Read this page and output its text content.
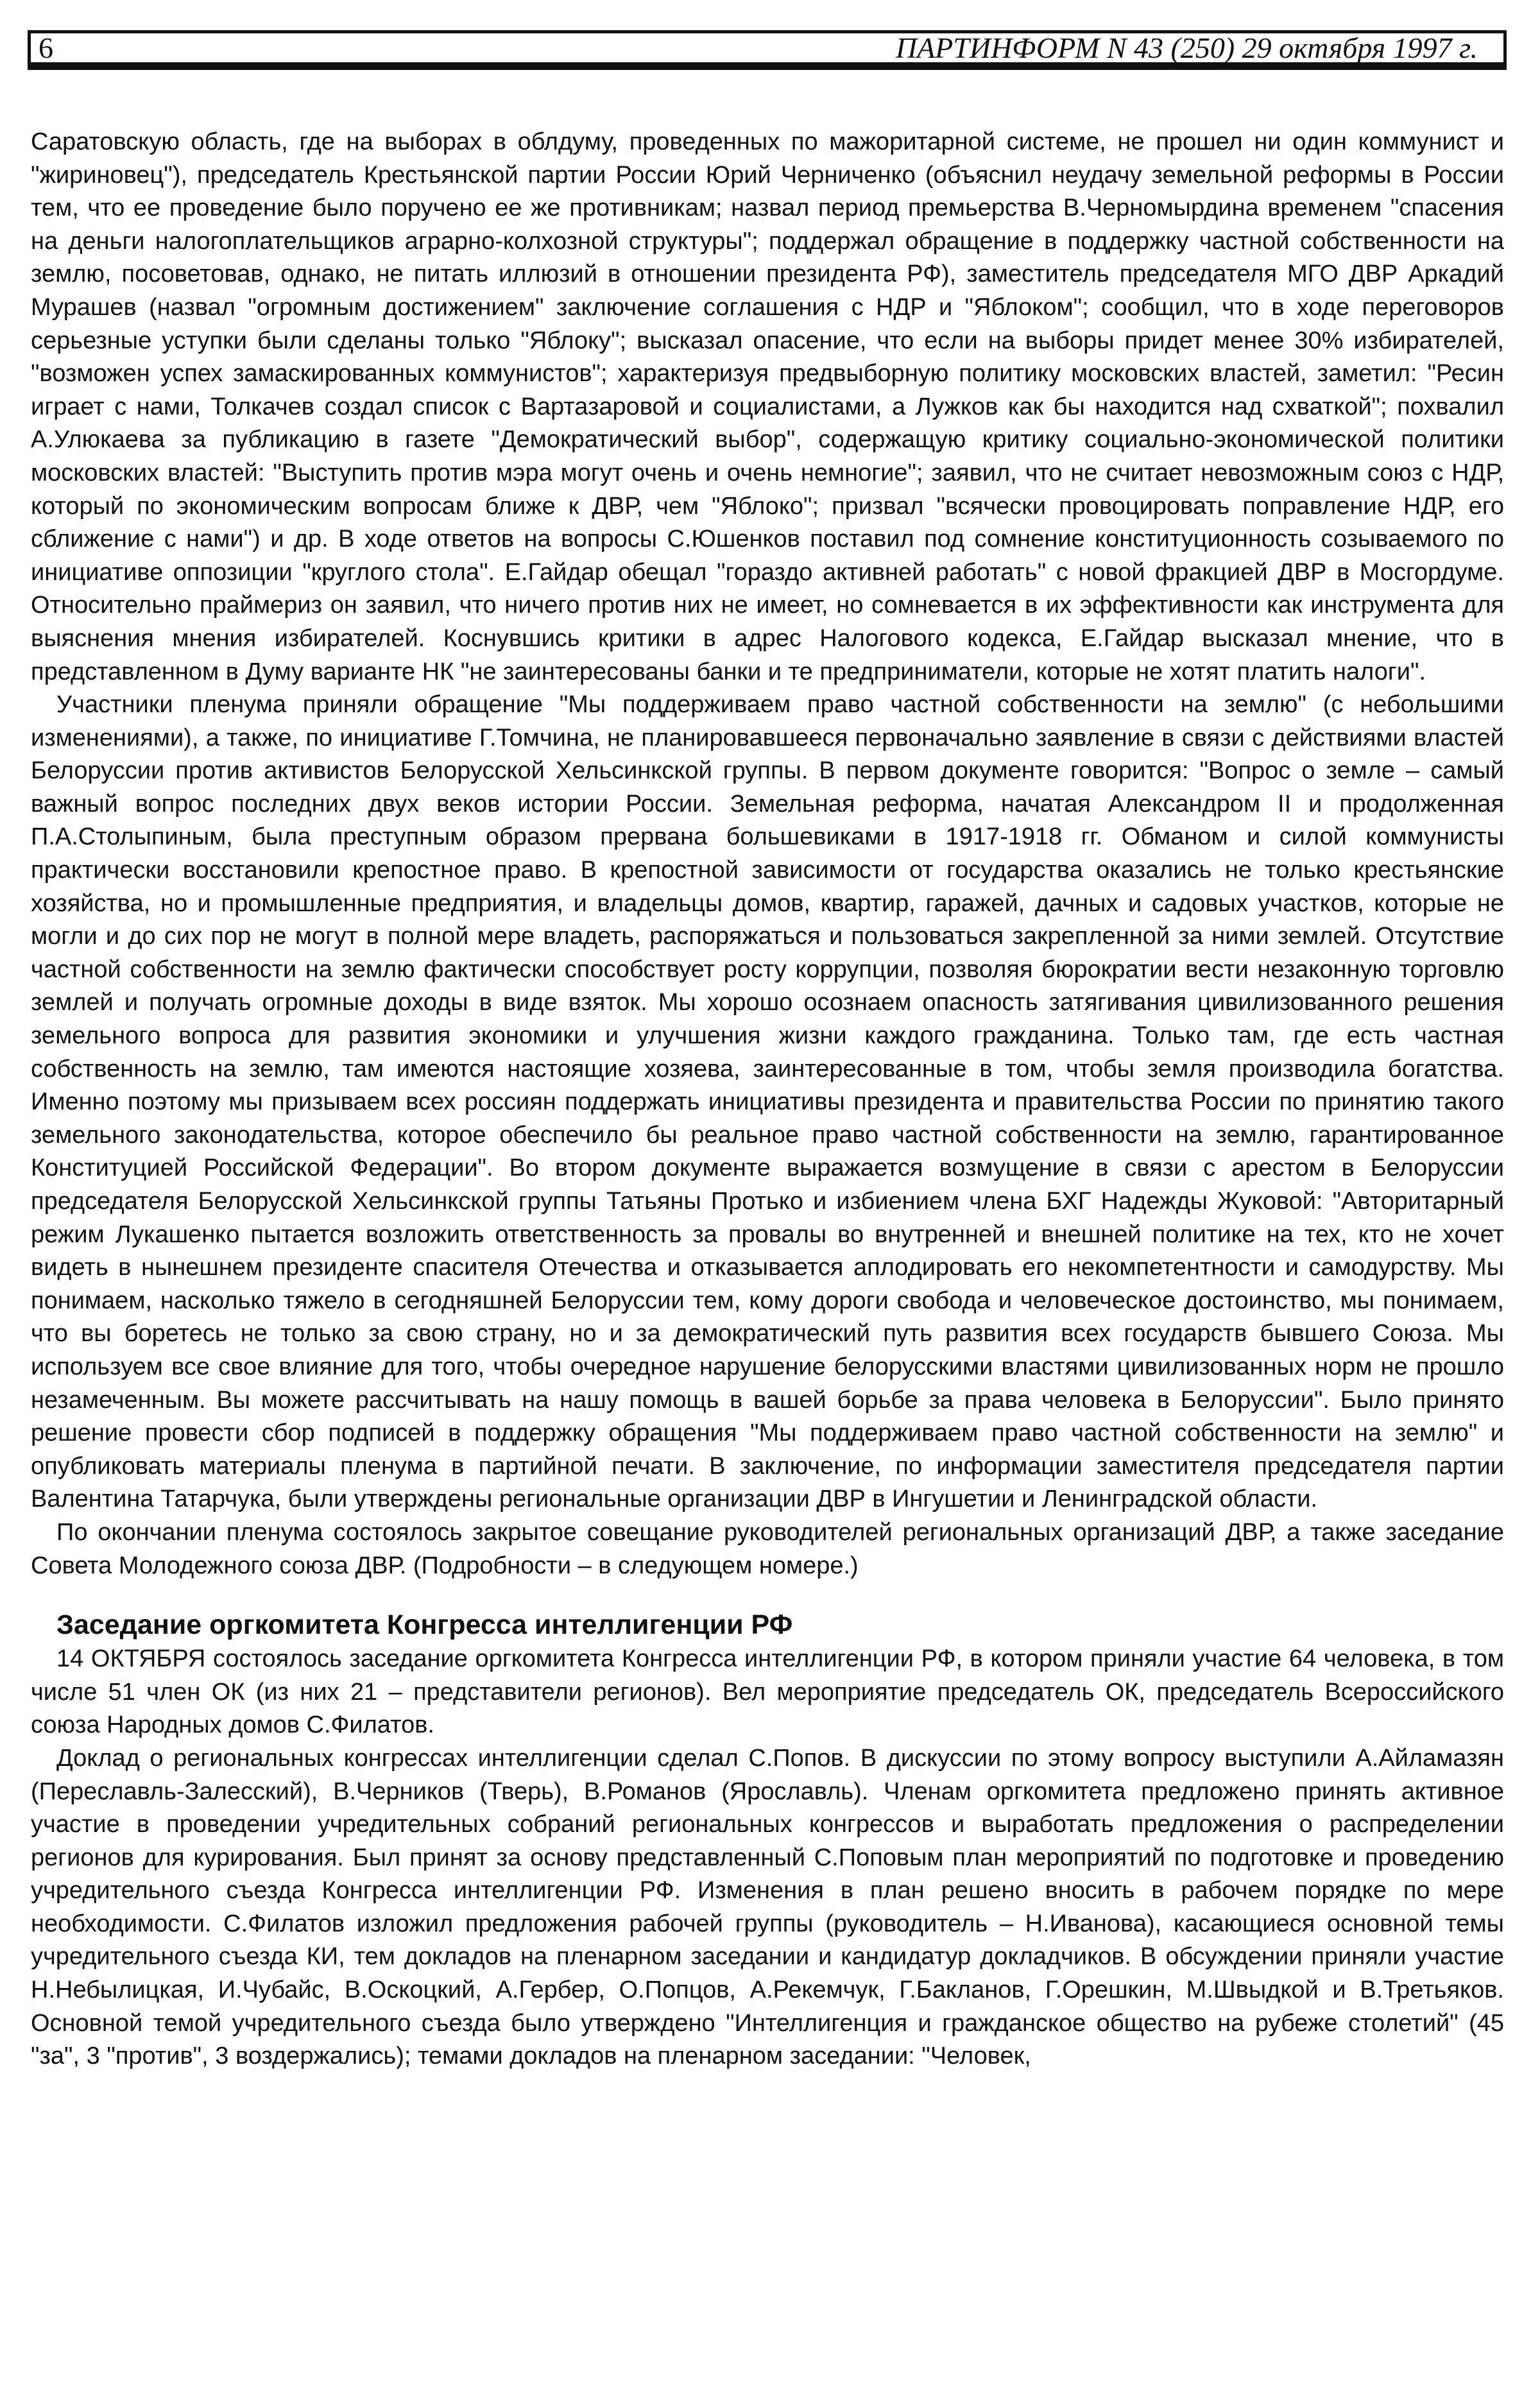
6	ПАРТИНФОРМ N 43 (250) 29 октября 1997 г.

Саратовскую область, где на выборах в облдуму, проведенных по мажоритарной системе, не прошел ни один коммунист и "жириновец"), председатель Крестьянской партии России Юрий Черниченко (объяснил неудачу земельной реформы в России тем, что ее проведение было поручено ее же противникам; назвал период премьерства В.Черномырдина временем "спасения на деньги налогоплательщиков аграрно-колхозной структуры"; поддержал обращение в поддержку частной собственности на землю, посоветовав, однако, не питать иллюзий в отношении президента РФ), заместитель председателя МГО ДВР Аркадий Мурашев (назвал "огромным достижением" заключение соглашения с НДР и "Яблоком"; сообщил, что в ходе переговоров серьезные уступки были сделаны только "Яблоку"; высказал опасение, что если на выборы придет менее 30% избирателей, "возможен успех замаскированных коммунистов"; характеризуя предвыборную политику московских властей, заметил: "Ресин играет с нами, Толкачев создал список с Вартазаровой и социалистами, а Лужков как бы находится над схваткой"; похвалил А.Улюкаева за публикацию в газете "Демократический выбор", содержащую критику социально-экономической политики московских властей: "Выступить против мэра могут очень и очень немногие"; заявил, что не считает невозможным союз с НДР, который по экономическим вопросам ближе к ДВР, чем "Яблоко"; призвал "всячески провоцировать поправление НДР, его сближение с нами") и др. В ходе ответов на вопросы С.Юшенков поставил под сомнение конституционность созываемого по инициативе оппозиции "круглого стола". Е.Гайдар обещал "гораздо активней работать" с новой фракцией ДВР в Мосгордуме. Относительно праймериз он заявил, что ничего против них не имеет, но сомневается в их эффективности как инструмента для выяснения мнения избирателей. Коснувшись критики в адрес Налогового кодекса, Е.Гайдар высказал мнение, что в представленном в Думу варианте НК "не заинтересованы банки и те предприниматели, которые не хотят платить налоги".

Участники пленума приняли обращение "Мы поддерживаем право частной собственности на землю" (с небольшими изменениями), а также, по инициативе Г.Томчина, не планировавшееся первоначально заявление в связи с действиями властей Белоруссии против активистов Белорусской Хельсинкской группы. В первом документе говорится: "Вопрос о земле – самый важный вопрос последних двух веков истории России. Земельная реформа, начатая Александром II и продолженная П.А.Столыпиным, была преступным образом прервана большевиками в 1917-1918 гг. Обманом и силой коммунисты практически восстановили крепостное право. В крепостной зависимости от государства оказались не только крестьянские хозяйства, но и промышленные предприятия, и владельцы домов, квартир, гаражей, дачных и садовых участков, которые не могли и до сих пор не могут в полной мере владеть, распоряжаться и пользоваться закрепленной за ними землей. Отсутствие частной собственности на землю фактически способствует росту коррупции, позволяя бюрократии вести незаконную торговлю землей и получать огромные доходы в виде взяток. Мы хорошо осознаем опасность затягивания цивилизованного решения земельного вопроса для развития экономики и улучшения жизни каждого гражданина. Только там, где есть частная собственность на землю, там имеются настоящие хозяева, заинтересованные в том, чтобы земля производила богатства. Именно поэтому мы призываем всех россиян поддержать инициативы президента и правительства России по принятию такого земельного законодательства, которое обеспечило бы реальное право частной собственности на землю, гарантированное Конституцией Российской Федерации". Во втором документе выражается возмущение в связи с арестом в Белоруссии председателя Белорусской Хельсинкской группы Татьяны Протько и избиением члена БХГ Надежды Жуковой: "Авторитарный режим Лукашенко пытается возложить ответственность за провалы во внутренней и внешней политике на тех, кто не хочет видеть в нынешнем президенте спасителя Отечества и отказывается аплодировать его некомпетентности и самодурству. Мы понимаем, насколько тяжело в сегодняшней Белоруссии тем, кому дороги свобода и человеческое достоинство, мы понимаем, что вы боретесь не только за свою страну, но и за демократический путь развития всех государств бывшего Союза. Мы используем все свое влияние для того, чтобы очередное нарушение белорусскими властями цивилизованных норм не прошло незамеченным. Вы можете рассчитывать на нашу помощь в вашей борьбе за права человека в Белоруссии". Было принято решение провести сбор подписей в поддержку обращения "Мы поддерживаем право частной собственности на землю" и опубликовать материалы пленума в партийной печати. В заключение, по информации заместителя председателя партии Валентина Татарчука, были утверждены региональные организации ДВР в Ингушетии и Ленинградской области.

По окончании пленума состоялось закрытое совещание руководителей региональных организаций ДВР, а также заседание Совета Молодежного союза ДВР. (Подробности – в следующем номере.)

Заседание оргкомитета Конгресса интеллигенции РФ

14 ОКТЯБРЯ состоялось заседание оргкомитета Конгресса интеллигенции РФ, в котором приняли участие 64 человека, в том числе 51 член ОК (из них 21 – представители регионов). Вел мероприятие председатель ОК, председатель Всероссийского союза Народных домов С.Филатов.

Доклад о региональных конгрессах интеллигенции сделал С.Попов. В дискуссии по этому вопросу выступили А.Айламазян (Переславль-Залесский), В.Черников (Тверь), В.Романов (Ярославль). Членам оргкомитета предложено принять активное участие в проведении учредительных собраний региональных конгрессов и выработать предложения о распределении регионов для курирования. Был принят за основу представленный С.Поповым план мероприятий по подготовке и проведению учредительного съезда Конгресса интеллигенции РФ. Изменения в план решено вносить в рабочем порядке по мере необходимости. С.Филатов изложил предложения рабочей группы (руководитель – Н.Иванова), касающиеся основной темы учредительного съезда КИ, тем докладов на пленарном заседании и кандидатур докладчиков. В обсуждении приняли участие Н.Небылицкая, И.Чубайс, В.Оскоцкий, А.Гербер, О.Попцов, А.Рекемчук, Г.Бакланов, Г.Орешкин, М.Швыдкой и В.Третьяков. Основной темой учредительного съезда было утверждено "Интеллигенция и гражданское общество на рубеже столетий" (45 "за", 3 "против", 3 воздержались); темами докладов на пленарном заседании: "Человек,
